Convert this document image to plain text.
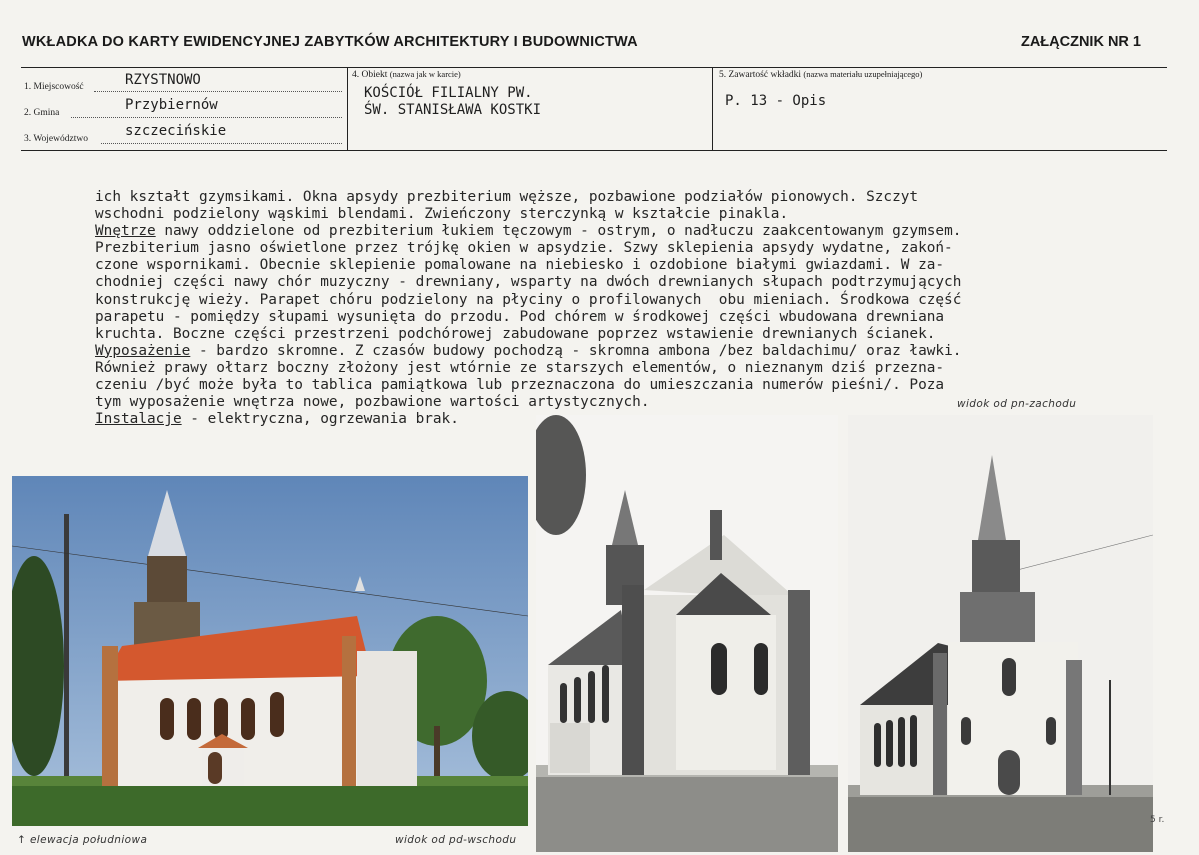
WKŁADKA DO KARTY EWIDENCYJNEJ ZABYTKÓW ARCHITEKTURY I BUDOWNICTWA	ZAŁĄCZNIK NR 1
1. Miejscowość	RZYSTNOWO
2. Gmina	Przybiernów
3. Województwo	szczecińskie
4. Obiekt (nazwa jak w karcie)
KOŚCIÓŁ FILIALNY PW.
ŚW. STANISŁAWA KOSTKI
5. Zawartość wkładki (nazwa materiału uzupełniającego)
P. 13 - Opis
ich kształt gzymsikami. Okna apsydy prezbiterium węższe, pozbawione podziałów pionowych. Szczyt
wschodni podzielony wąskimi blendami. Zwieńczony sterczynką w kształcie pinakla.
Wnętrze nawy oddzielone od prezbiterium łukiem tęczowym - ostrym, o nadłuczu zaakcentowanym gzymsem.
Prezbiterium jasno oświetlone przez trójkę okien w apsydzie. Szwy sklepienia apsydy wydatne, zakoń-
czone wspornikami. Obecnie sklepienie pomalowane na niebiesko i ozdobione białymi gwiazdami. W za-
chodniej części nawy chór muzyczny - drewniany, wsparty na dwóch drewnianych słupach podtrzymujących
konstrukcję wieży. Parapet chóru podzielony na płyciny o profilowanych  obu mieniach. Środkowa część
parapetu - pomiędzy słupami wysunięta do przodu. Pod chórem w środkowej części wbudowana drewniana
kruchta. Boczne części przestrzeni podchórowej zabudowane poprzez wstawienie drewnianych ścianek.
Wyposażenie - bardzo skromne. Z czasów budowy pochodzą - skromna ambona /bez baldachimu/ oraz ławki.
Również prawy ołtarz boczny złożony jest wtórnie ze starszych elementów, o nieznanym dziś przezna-
czeniu /być może była to tablica pamiątkowa lub przeznaczona do umieszczania numerów pieśni/. Poza
tym wyposażenie wnętrza nowe, pozbawione wartości artystycznych.
Instalacje - elektryczna, ogrzewania brak.
↑ elewacja południowa	widok od pd-wschodu
widok od pn-zachodu
5 r.
